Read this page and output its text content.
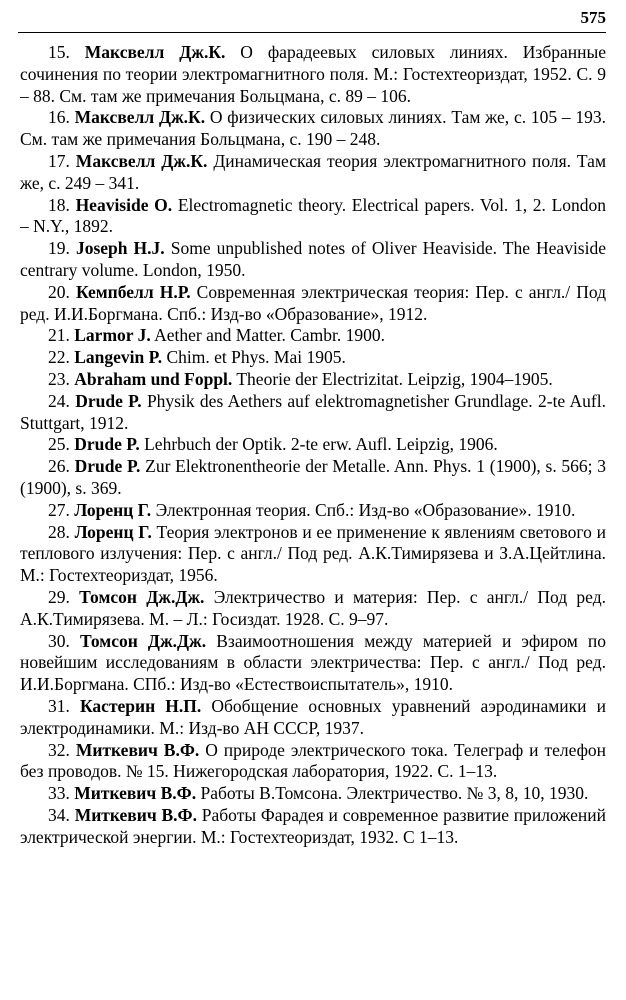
575

15. Максвелл Дж.К. О фарадеевых силовых линиях. Избранные сочинения по теории электромагнитного поля. М.: Гостехтеориздат, 1952. С. 9 – 88. См. там же примечания Больцмана, с. 89 – 106.

16. Максвелл Дж.К. О физических силовых линиях. Там же, с. 105 – 193. См. там же примечания Больцмана, с. 190 – 248.

17. Максвелл Дж.К. Динамическая теория электромагнитного поля. Там же, с. 249 – 341.

18. Heaviside O. Electromagnetic theory. Electrical papers. Vol. 1, 2. London – N.Y., 1892.

19. Joseph H.J. Some unpublished notes of Oliver Heaviside. The Heaviside centrary volume. London, 1950.

20. Кемпбелл Н.Р. Современная электрическая теория: Пер. с англ./ Под ред. И.И.Боргмана. Спб.: Изд-во «Образование», 1912.

21. Larmor J. Aether and Matter. Cambr. 1900.

22. Langevin P. Chim. et Phys. Mai 1905.

23. Abraham und Foppl. Theorie der Electrizitat. Leipzig, 1904–1905.

24. Drude P. Physik des Aethers auf elektromagnetisher Grundlage. 2-te Aufl. Stuttgart, 1912.

25. Drude P. Lehrbuch der Optik. 2-te erw. Aufl. Leipzig, 1906.

26. Drude P. Zur Elektronentheorie der Metalle. Ann. Phys. 1 (1900), s. 566; 3 (1900), s. 369.

27. Лоренц Г. Электронная теория. Спб.: Изд-во «Образование». 1910.

28. Лоренц Г. Теория электронов и ее применение к явлениям светового и теплового излучения: Пер. с англ./ Под ред. А.К.Тимирязева и З.А.Цейтлина. М.: Гостехтеориздат, 1956.

29. Томсон Дж.Дж. Электричество и материя: Пер. с англ./ Под ред. А.К.Тимирязева. М. – Л.: Госиздат. 1928. С. 9–97.

30. Томсон Дж.Дж. Взаимоотношения между материей и эфиром по новейшим исследованиям в области электричества: Пер. с англ./ Под ред. И.И.Боргмана. СПб.: Изд-во «Естествоиспытатель», 1910.

31. Кастерин Н.П. Обобщение основных уравнений аэродинамики и электродинамики. М.: Изд-во АН СССР, 1937.

32. Миткевич В.Ф. О природе электрического тока. Телеграф и телефон без проводов. № 15. Нижегородская лаборатория, 1922. С. 1–13.

33. Миткевич В.Ф. Работы В.Томсона. Электричество. № 3, 8, 10, 1930.

34. Миткевич В.Ф. Работы Фарадея и современное развитие приложений электрической энергии. М.: Гостехтеориздат, 1932. С 1–13.
